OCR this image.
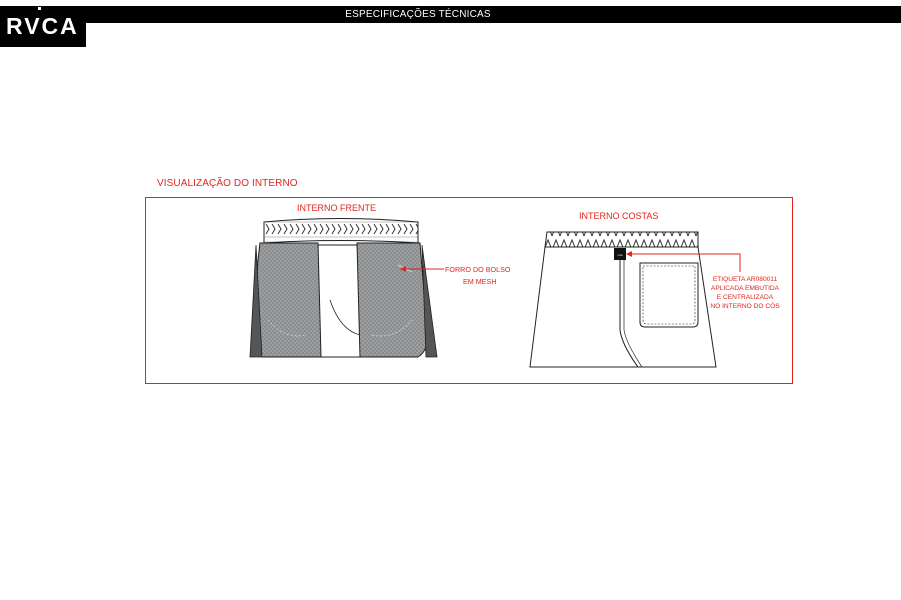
ESPECIFICAÇÕES TÉCNICAS
RVCA
VISUALIZAÇÃO DO INTERNO
INTERNO FRENTE
INTERNO COSTAS
rvca
FORRO DO BOLSO
EM MESH	ETIQUETA AR080011
APLICADA EMBUTIDA
E CENTRALIZADA
NO INTERNO DO CÓS
